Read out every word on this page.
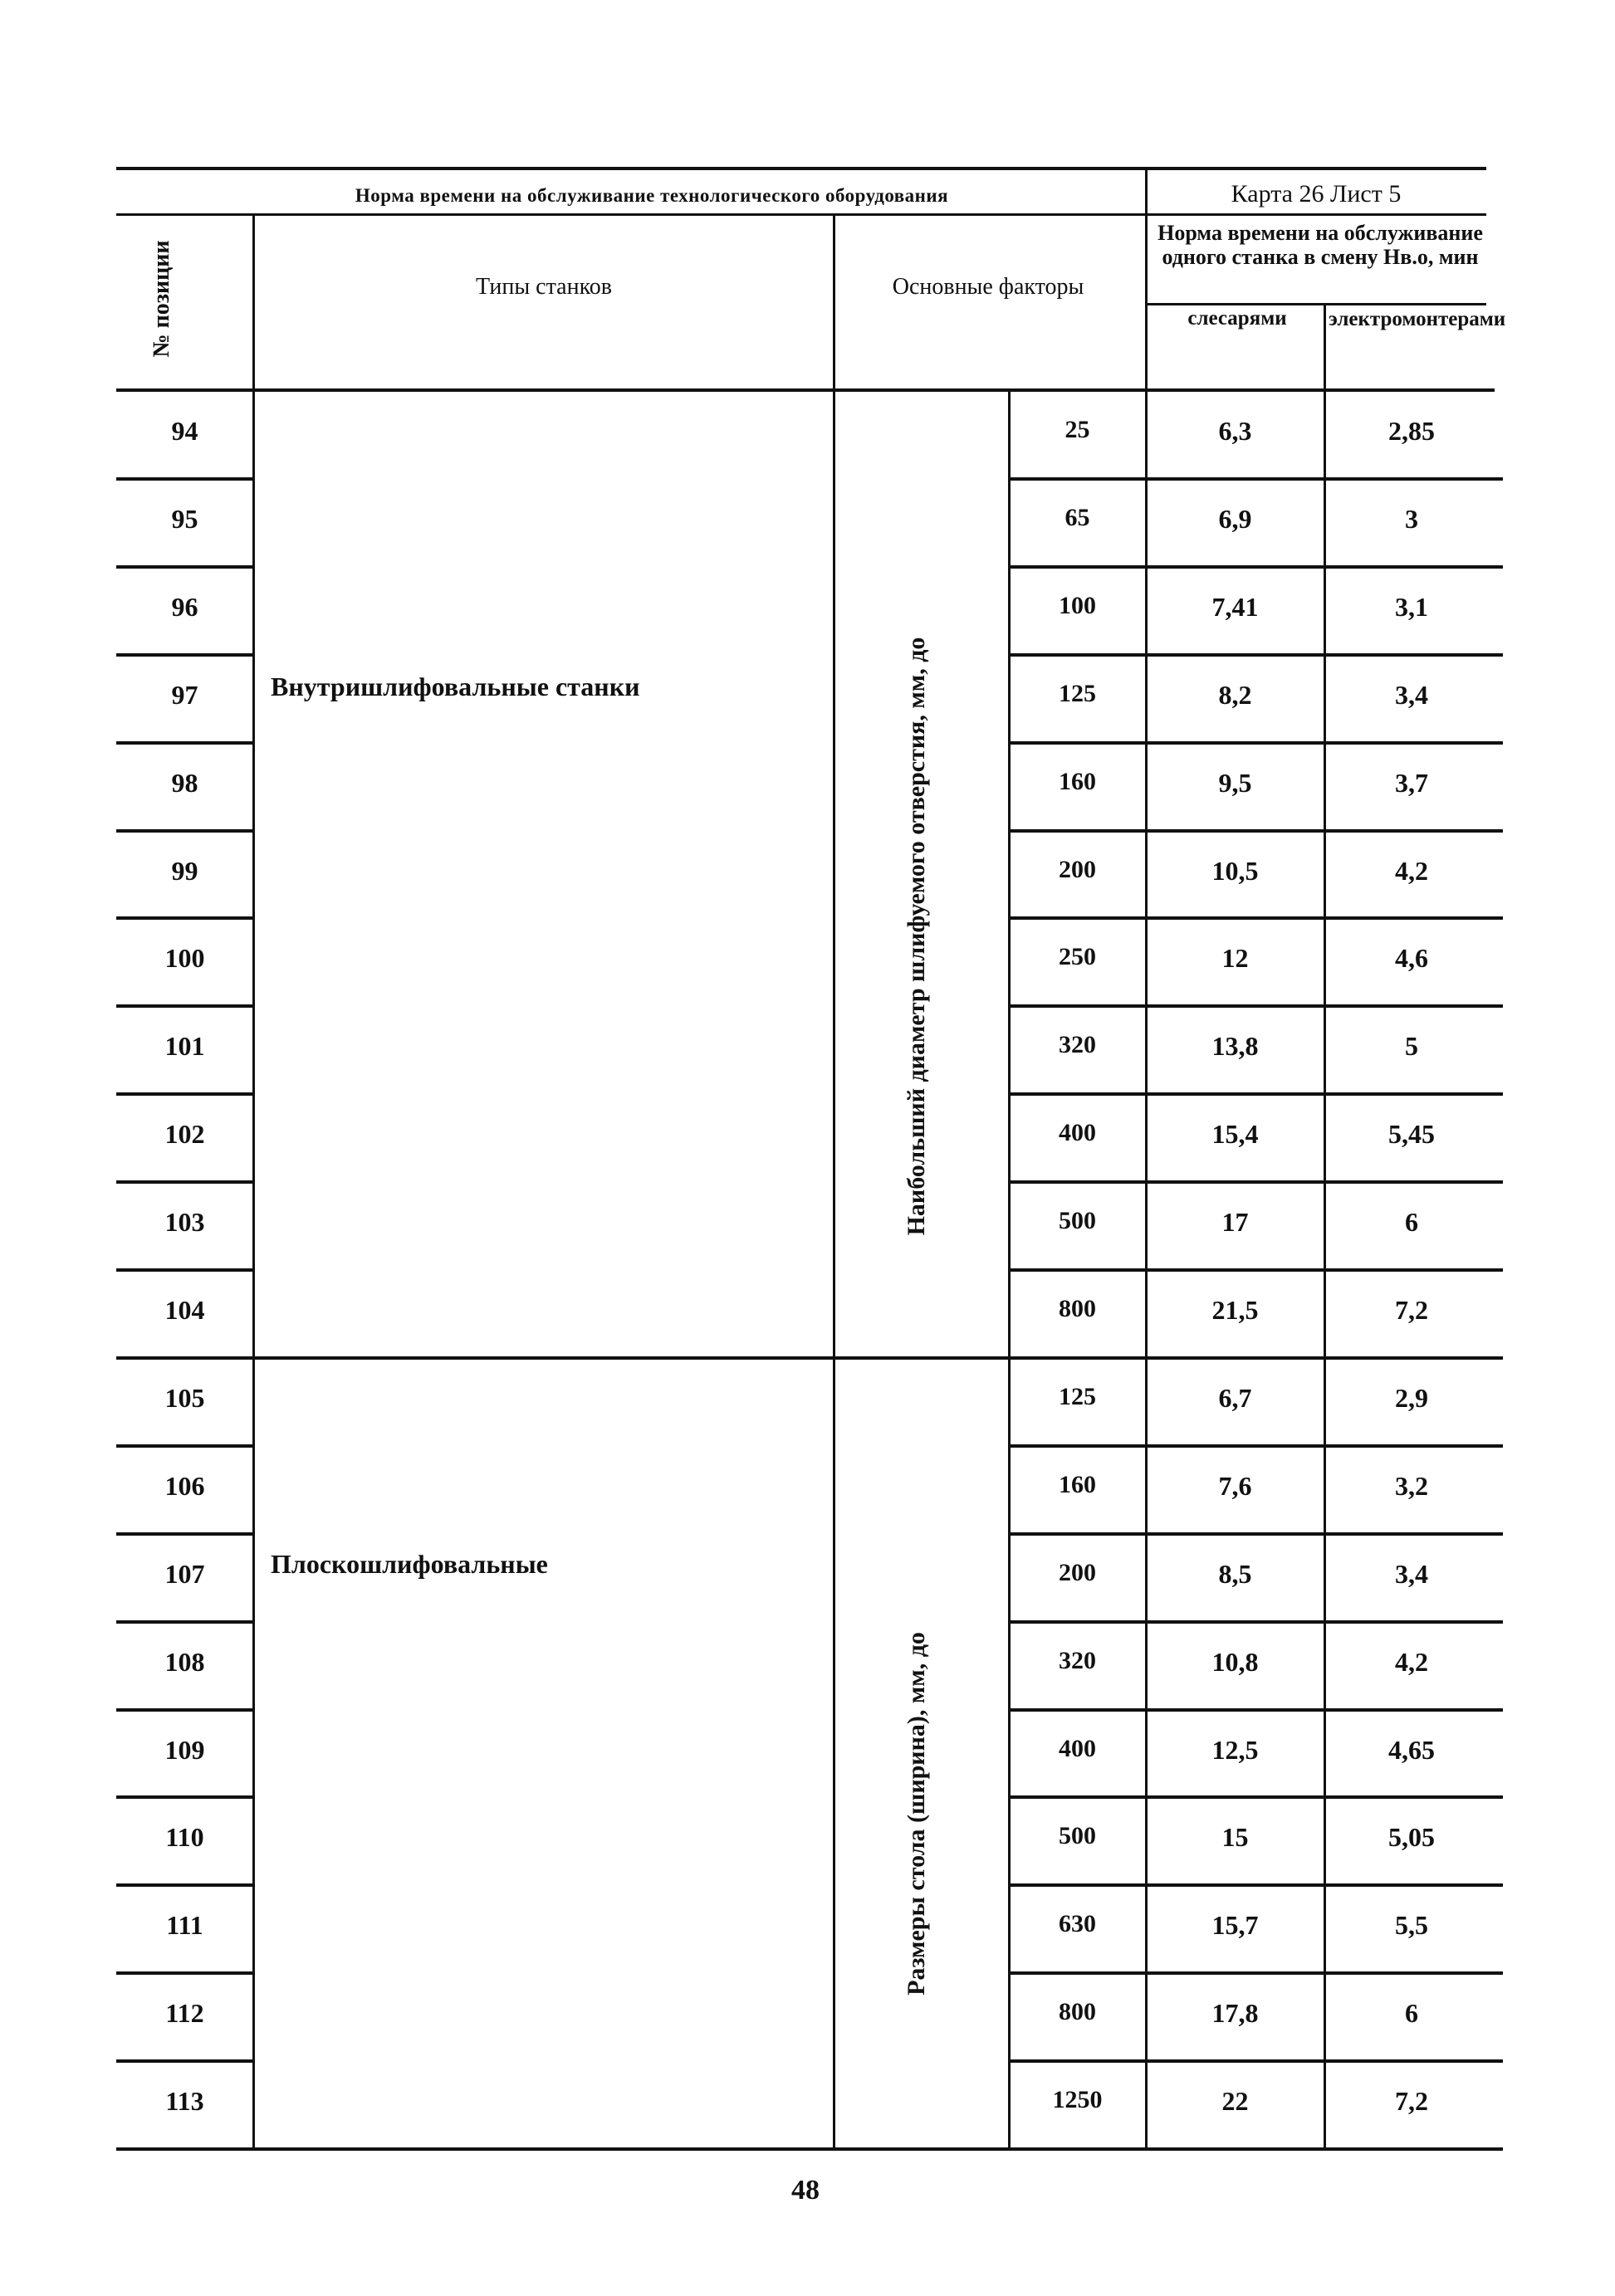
Норма времени на обслуживание технологического оборудования	Карта 26 Лист 5
№ позиции	Типы станков	Основные факторы
Норма времени на обслуживание одного станка в смену Нв.о, мин
слесарями	электромонтерами
94	25	6,3	2,85
95	65	6,9	3
96	100	7,41	3,1
97	125	8,2	3,4
98	160	9,5	3,7
99	200	10,5	4,2
100	250	12	4,6
101	320	13,8	5
102	400	15,4	5,45
103	500	17	6
104	800	21,5	7,2
105	125	6,7	2,9
106	160	7,6	3,2
107	200	8,5	3,4
108	320	10,8	4,2
109	400	12,5	4,65
110	500	15	5,05
111	630	15,7	5,5
112	800	17,8	6
113	1250	22	7,2
Внутришлифовальные станки	Наибольший диаметр шлифуемого отверстия, мм, до
Плоскошлифовальные
Размеры стола (ширина), мм, до
48
